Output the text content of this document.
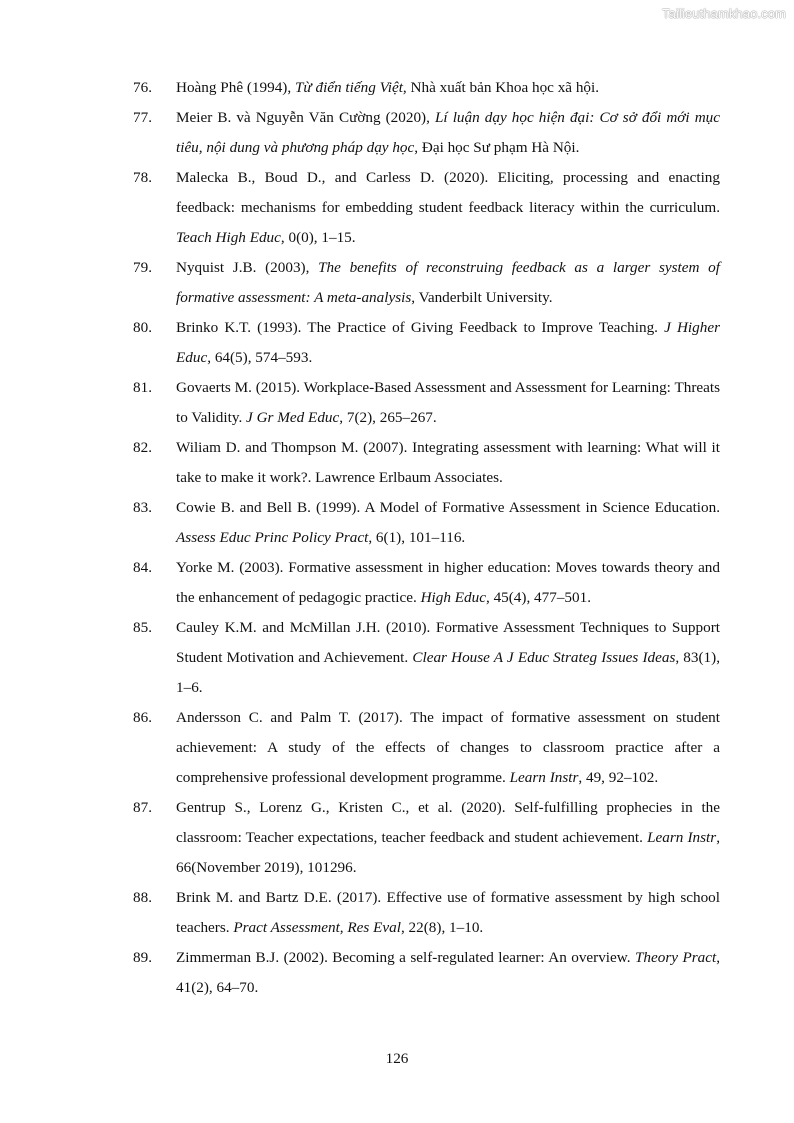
Tailieuthamkhao.com
76.	Hoàng Phê (1994), Từ điển tiếng Việt, Nhà xuất bản Khoa học xã hội.
77.	Meier B. và Nguyễn Văn Cường (2020), Lí luận dạy học hiện đại: Cơ sở đổi mới mục tiêu, nội dung và phương pháp dạy học, Đại học Sư phạm Hà Nội.
78.	Malecka B., Boud D., and Carless D. (2020). Eliciting, processing and enacting feedback: mechanisms for embedding student feedback literacy within the curriculum. Teach High Educ, 0(0), 1–15.
79.	Nyquist J.B. (2003), The benefits of reconstruing feedback as a larger system of formative assessment: A meta-analysis, Vanderbilt University.
80.	Brinko K.T. (1993). The Practice of Giving Feedback to Improve Teaching. J Higher Educ, 64(5), 574–593.
81.	Govaerts M. (2015). Workplace-Based Assessment and Assessment for Learning: Threats to Validity. J Gr Med Educ, 7(2), 265–267.
82.	Wiliam D. and Thompson M. (2007). Integrating assessment with learning: What will it take to make it work?. Lawrence Erlbaum Associates.
83.	Cowie B. and Bell B. (1999). A Model of Formative Assessment in Science Education. Assess Educ Princ Policy Pract, 6(1), 101–116.
84.	Yorke M. (2003). Formative assessment in higher education: Moves towards theory and the enhancement of pedagogic practice. High Educ, 45(4), 477–501.
85.	Cauley K.M. and McMillan J.H. (2010). Formative Assessment Techniques to Support Student Motivation and Achievement. Clear House A J Educ Strateg Issues Ideas, 83(1), 1–6.
86.	Andersson C. and Palm T. (2017). The impact of formative assessment on student achievement: A study of the effects of changes to classroom practice after a comprehensive professional development programme. Learn Instr, 49, 92–102.
87.	Gentrup S., Lorenz G., Kristen C., et al. (2020). Self-fulfilling prophecies in the classroom: Teacher expectations, teacher feedback and student achievement. Learn Instr, 66(November 2019), 101296.
88.	Brink M. and Bartz D.E. (2017). Effective use of formative assessment by high school teachers. Pract Assessment, Res Eval, 22(8), 1–10.
89.	Zimmerman B.J. (2002). Becoming a self-regulated learner: An overview. Theory Pract, 41(2), 64–70.
126
